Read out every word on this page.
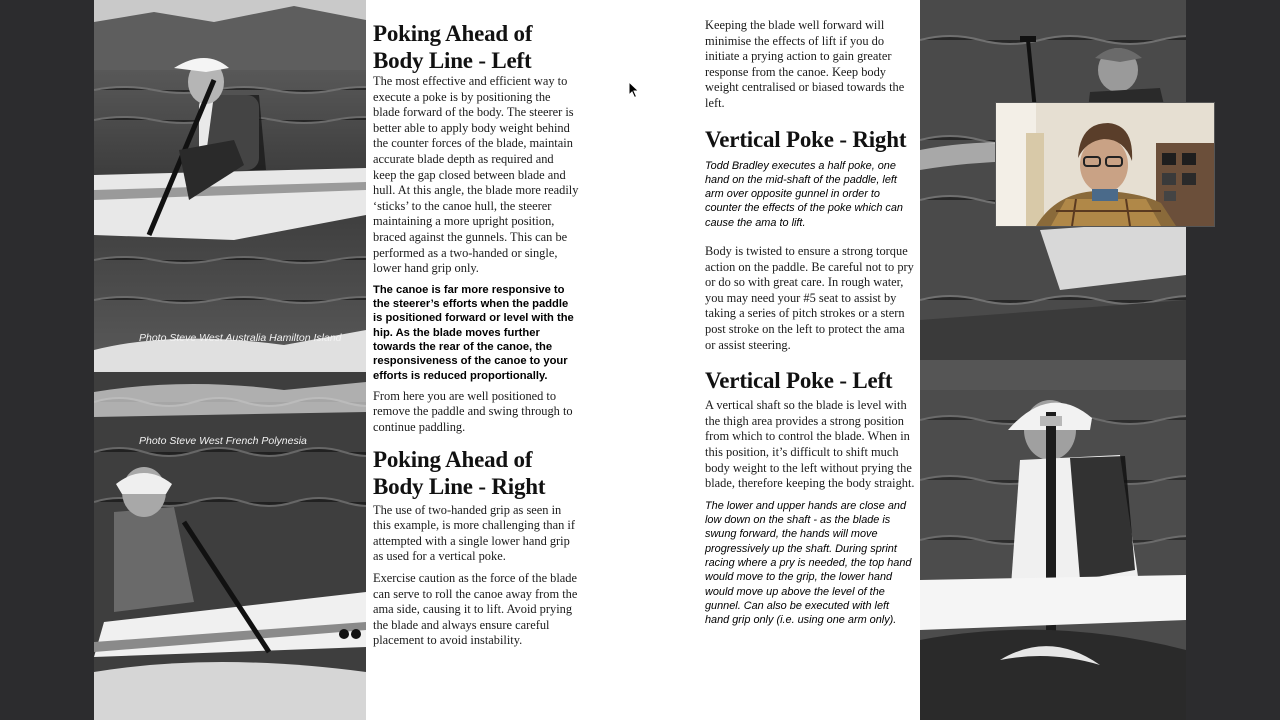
Photo Steve West Australia Hamilton Island
Photo Steve West French Polynesia
Poking Ahead of
Body Line - Left

The most effective and efficient way to execute a poke is by positioning the blade forward of the body. The steerer is better able to apply body weight behind the counter forces of the blade, maintain accurate blade depth as required and keep the gap closed between blade and hull. At this angle, the blade more readily ‘sticks’ to the canoe hull, the steerer maintaining a more upright position, braced against the gunnels. This can be performed as a two-handed or single, lower hand grip only.

The canoe is far more responsive to the steerer’s efforts when the paddle is positioned forward or level with the hip. As the blade moves further towards the rear of the canoe, the responsiveness of the canoe to your efforts is reduced proportionally.

From here you are well positioned to remove the paddle and swing through to continue paddling.

Poking Ahead of
Body Line - Right

The use of two-handed grip as seen in this example, is more challenging than if attempted with a single lower hand grip as used for a vertical poke.

Exercise caution as the force of the blade can serve to roll the canoe away from the ama side, causing it to lift. Avoid prying the blade and always ensure careful placement to avoid instability.

Keeping the blade well forward will minimise the effects of lift if you do initiate a prying action to gain greater response from the canoe. Keep body weight centralised or biased towards the left.

Vertical Poke - Right

Todd Bradley executes a half poke, one hand on the mid-shaft of the paddle, left arm over opposite gunnel in order to counter the effects of the poke which can cause the ama to lift.

Body is twisted to ensure a strong torque action on the paddle. Be careful not to pry or do so with great care. In rough water, you may need your #5 seat to assist by taking a series of pitch strokes or a stern post stroke on the left to protect the ama or assist steering.

Vertical Poke - Left

A vertical shaft so the blade is level with the thigh area provides a strong position from which to control the blade. When in this position, it’s difficult to shift much body weight to the left without prying the blade, therefore keeping the body straight.

The lower and upper hands are close and low down on the shaft - as the blade is swung forward, the hands will move progressively up the shaft. During sprint racing where a pry is needed, the top hand would move to the grip, the lower hand would move up above the level of the gunnel. Can also be executed with left hand grip only (i.e. using one arm only).
